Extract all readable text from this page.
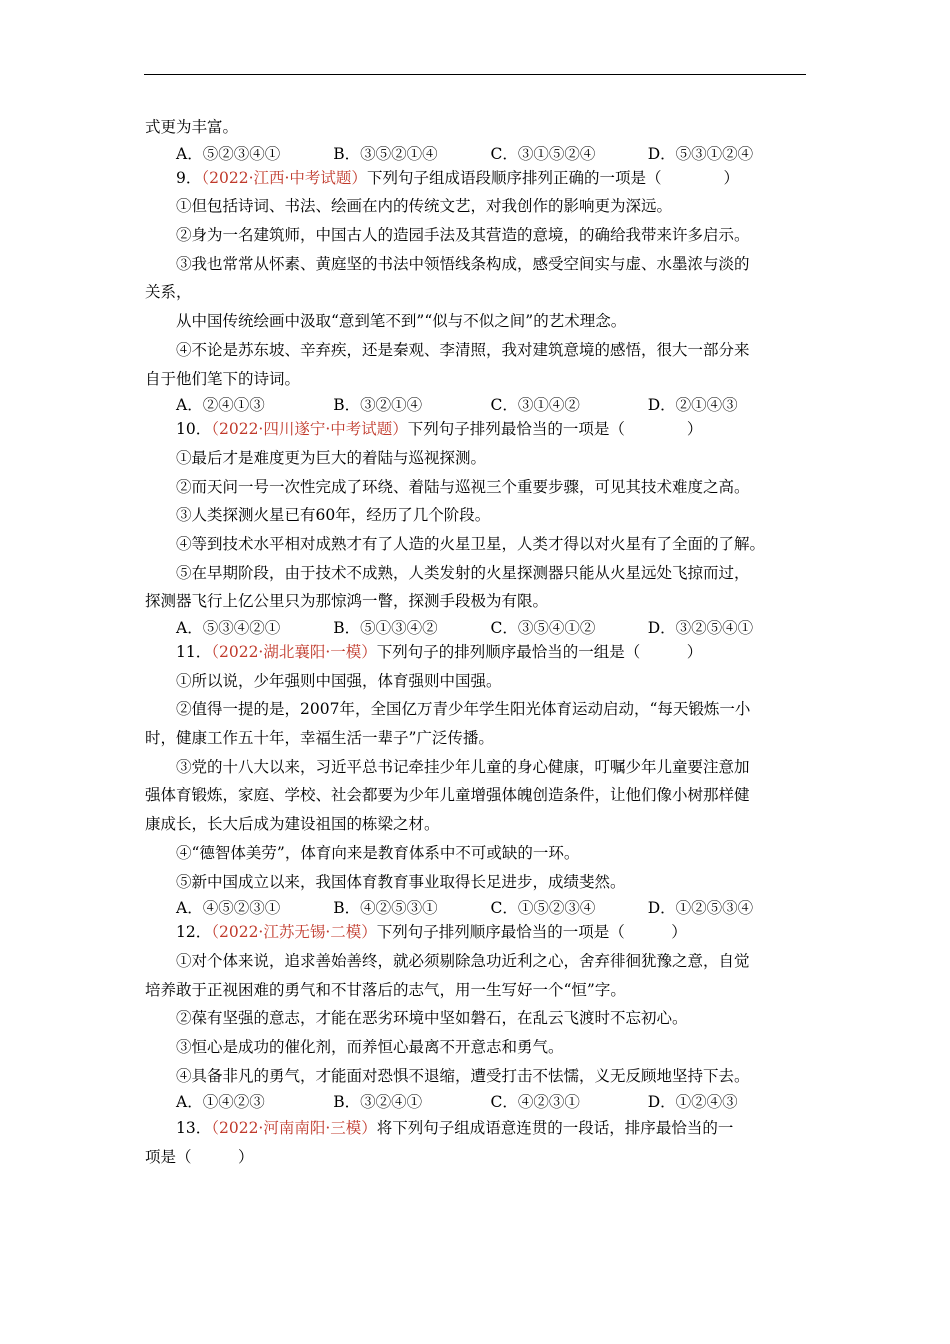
式更为丰富。
A．⑤②③④①	B．③⑤②①④	C．③①⑤②④	D．⑤③①②④
9．（2022·江西·中考试题）下列句子组成语段顺序排列正确的一项是（　　　　）
①但包括诗词、书法、绘画在内的传统文艺，对我创作的影响更为深远。
②身为一名建筑师，中国古人的造园手法及其营造的意境，的确给我带来许多启示。
③我也常常从怀素、黄庭坚的书法中领悟线条构成，感受空间实与虚、水墨浓与淡的
关系，
从中国传统绘画中汲取“意到笔不到”“似与不似之间”的艺术理念。
④不论是苏东坡、辛弃疾，还是秦观、李清照，我对建筑意境的感悟，很大一部分来
自于他们笔下的诗词。
A．②④①③	B．③②①④	C．③①④②	D．②①④③
10．（2022·四川遂宁·中考试题）下列句子排列最恰当的一项是（　　　　）
①最后才是难度更为巨大的着陆与巡视探测。
②而天问一号一次性完成了环绕、着陆与巡视三个重要步骤，可见其技术难度之高。
③人类探测火星已有60年，经历了几个阶段。
④等到技术水平相对成熟才有了人造的火星卫星，人类才得以对火星有了全面的了解。
⑤在早期阶段，由于技术不成熟，人类发射的火星探测器只能从火星远处飞掠而过，
探测器飞行上亿公里只为那惊鸿一瞥，探测手段极为有限。
A．⑤③④②①	B．⑤①③④②	C．③⑤④①②	D．③②⑤④①
11．（2022·湖北襄阳·一模）下列句子的排列顺序最恰当的一组是（　　　）
①所以说，少年强则中国强，体育强则中国强。
②值得一提的是，2007年，全国亿万青少年学生阳光体育运动启动，“每天锻炼一小
时，健康工作五十年，幸福生活一辈子”广泛传播。
③党的十八大以来，习近平总书记牵挂少年儿童的身心健康，叮嘱少年儿童要注意加
强体育锻炼，家庭、学校、社会都要为少年儿童增强体魄创造条件，让他们像小树那样健
康成长，长大后成为建设祖国的栋梁之材。
④“德智体美劳”，体育向来是教育体系中不可或缺的一环。
⑤新中国成立以来，我国体育教育事业取得长足进步，成绩斐然。
A．④⑤②③①	B．④②⑤③①	C．①⑤②③④	D．①②⑤③④
12．（2022·江苏无锡·二模）下列句子排列顺序最恰当的一项是（　　　）
①对个体来说，追求善始善终，就必须剔除急功近利之心，舍弃徘徊犹豫之意，自觉
培养敢于正视困难的勇气和不甘落后的志气，用一生写好一个“恒”字。
②葆有坚强的意志，才能在恶劣环境中坚如磐石，在乱云飞渡时不忘初心。
③恒心是成功的催化剂，而养恒心最离不开意志和勇气。
④具备非凡的勇气，才能面对恐惧不退缩，遭受打击不怯懦，义无反顾地坚持下去。
A．①④②③	B．③②④①	C．④②③①	D．①②④③
13．（2022·河南南阳·三模）将下列句子组成语意连贯的一段话，排序最恰当的一
项是（　　　）
